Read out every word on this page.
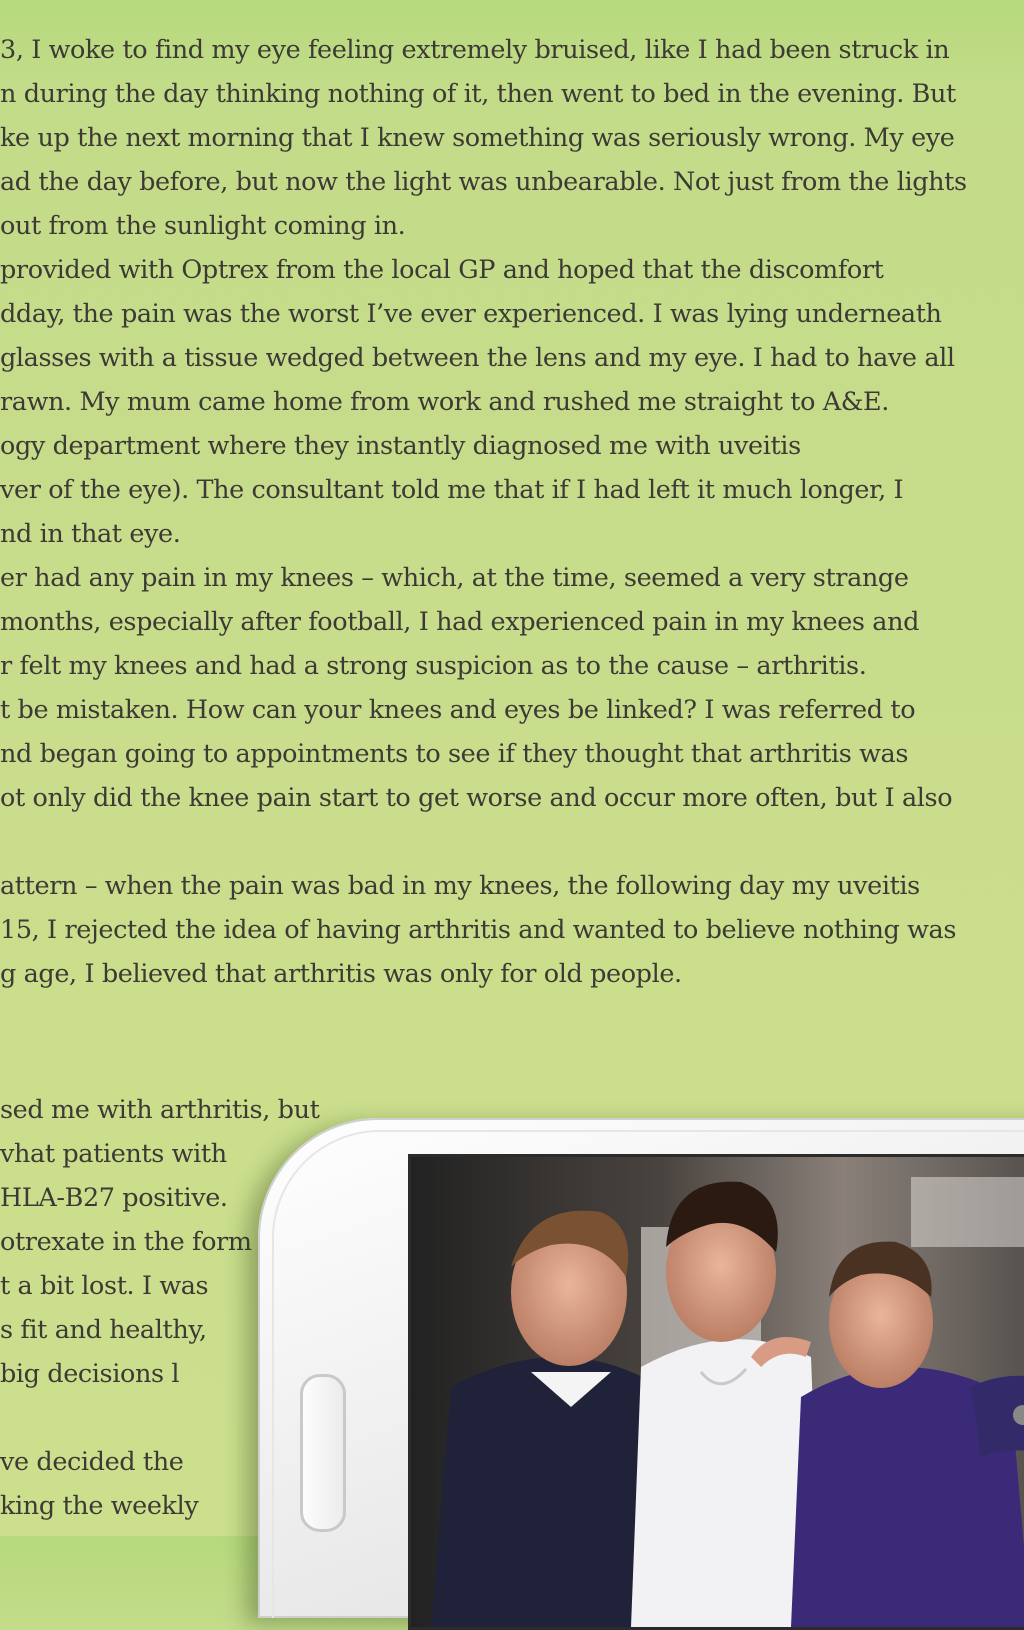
3, I woke to find my eye feeling extremely bruised, like I had been struck in
n during the day thinking nothing of it, then went to bed in the evening. But
ke up the next morning that I knew something was seriously wrong. My eye
ad the day before, but now the light was unbearable. Not just from the lights
out from the sunlight coming in.
provided with Optrex from the local GP and hoped that the discomfort
dday, the pain was the worst I’ve ever experienced. I was lying underneath
glasses with a tissue wedged between the lens and my eye. I had to have all
rawn. My mum came home from work and rushed me straight to A&E.
ogy department where they instantly diagnosed me with uveitis
ver of the eye). The consultant told me that if I had left it much longer, I
nd in that eye.
er had any pain in my knees – which, at the time, seemed a very strange
months, especially after football, I had experienced pain in my knees and
r felt my knees and had a strong suspicion as to the cause – arthritis.
t be mistaken. How can your knees and eyes be linked? I was referred to
nd began going to appointments to see if they thought that arthritis was
ot only did the knee pain start to get worse and occur more often, but I also
attern – when the pain was bad in my knees, the following day my uveitis
15, I rejected the idea of having arthritis and wanted to believe nothing was
g age, I believed that arthritis was only for old people.
sed me with arthritis, but
vhat patients with
HLA-B27 positive.
otrexate in the form
t a bit lost. I was
s fit and healthy,
big decisions l
ve decided the
king the weekly
